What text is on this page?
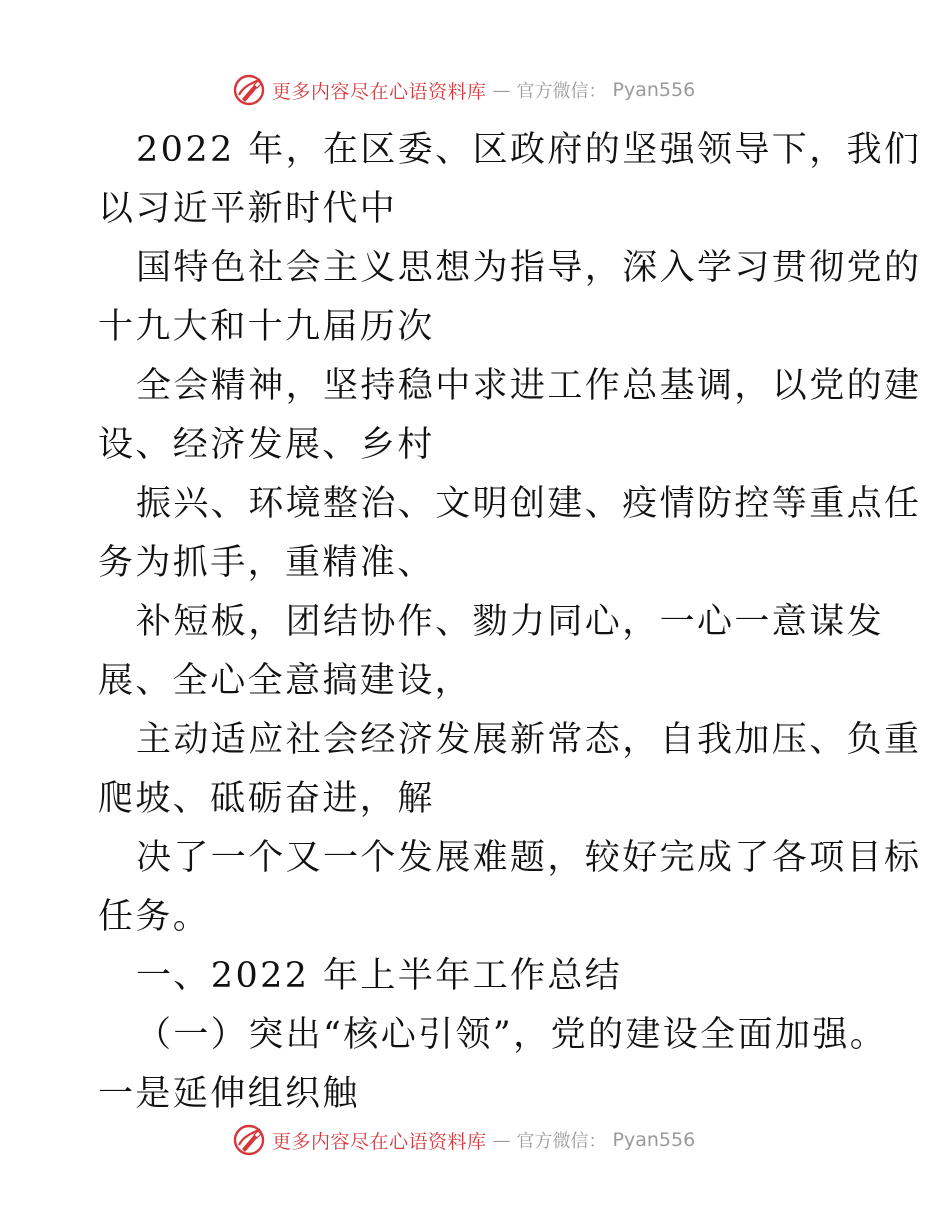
更多内容尽在心语资料库 — 官方微信： Pyan556
2022 年，在区委、区政府的坚强领导下，我们
以习近平新时代中
国特色社会主义思想为指导，深入学习贯彻党的
十九大和十九届历次
全会精神，坚持稳中求进工作总基调，以党的建
设、经济发展、乡村
振兴、环境整治、文明创建、疫情防控等重点任
务为抓手，重精准、
补短板，团结协作、勠力同心，一心一意谋发
展、全心全意搞建设，
主动适应社会经济发展新常态，自我加压、负重
爬坡、砥砺奋进，解
决了一个又一个发展难题，较好完成了各项目标
任务。
一、2022 年上半年工作总结
（一）突出“核心引领”，党的建设全面加强。
一是延伸组织触
更多内容尽在心语资料库 — 官方微信： Pyan556
